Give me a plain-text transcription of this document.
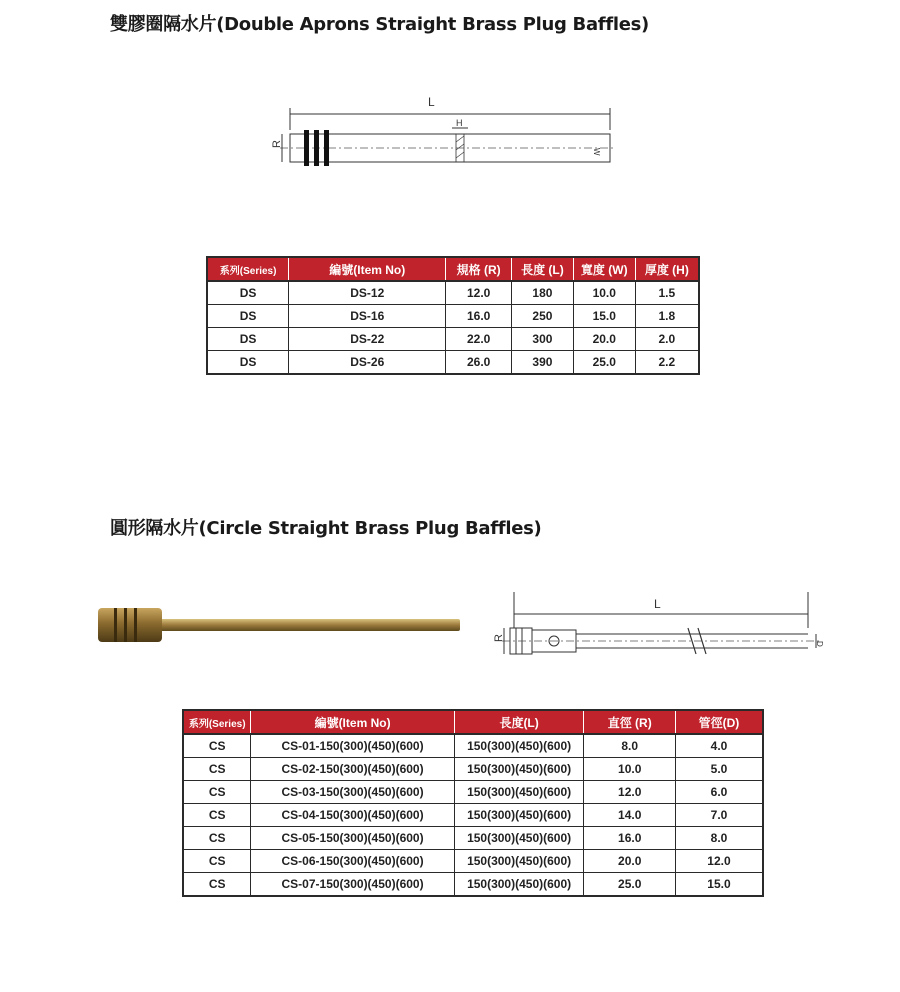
雙膠圈隔水片(Double Aprons Straight Brass Plug Baffles)
L
H
R
W
系列(Series)	編號(Item No)	規格 (R)	長度 (L)	寬度 (W)	厚度 (H)
DS	DS-12	12.0	180	10.0	1.5
DS	DS-16	16.0	250	15.0	1.8
DS	DS-22	22.0	300	20.0	2.0
DS	DS-26	26.0	390	25.0	2.2
圓形隔水片(Circle Straight Brass Plug Baffles)
L
R
D
系列(Series)	編號(Item No)	長度(L)	直徑 (R)	管徑(D)
CS	CS-01-150(300)(450)(600)	150(300)(450)(600)	8.0	4.0
CS	CS-02-150(300)(450)(600)	150(300)(450)(600)	10.0	5.0
CS	CS-03-150(300)(450)(600)	150(300)(450)(600)	12.0	6.0
CS	CS-04-150(300)(450)(600)	150(300)(450)(600)	14.0	7.0
CS	CS-05-150(300)(450)(600)	150(300)(450)(600)	16.0	8.0
CS	CS-06-150(300)(450)(600)	150(300)(450)(600)	20.0	12.0
CS	CS-07-150(300)(450)(600)	150(300)(450)(600)	25.0	15.0
